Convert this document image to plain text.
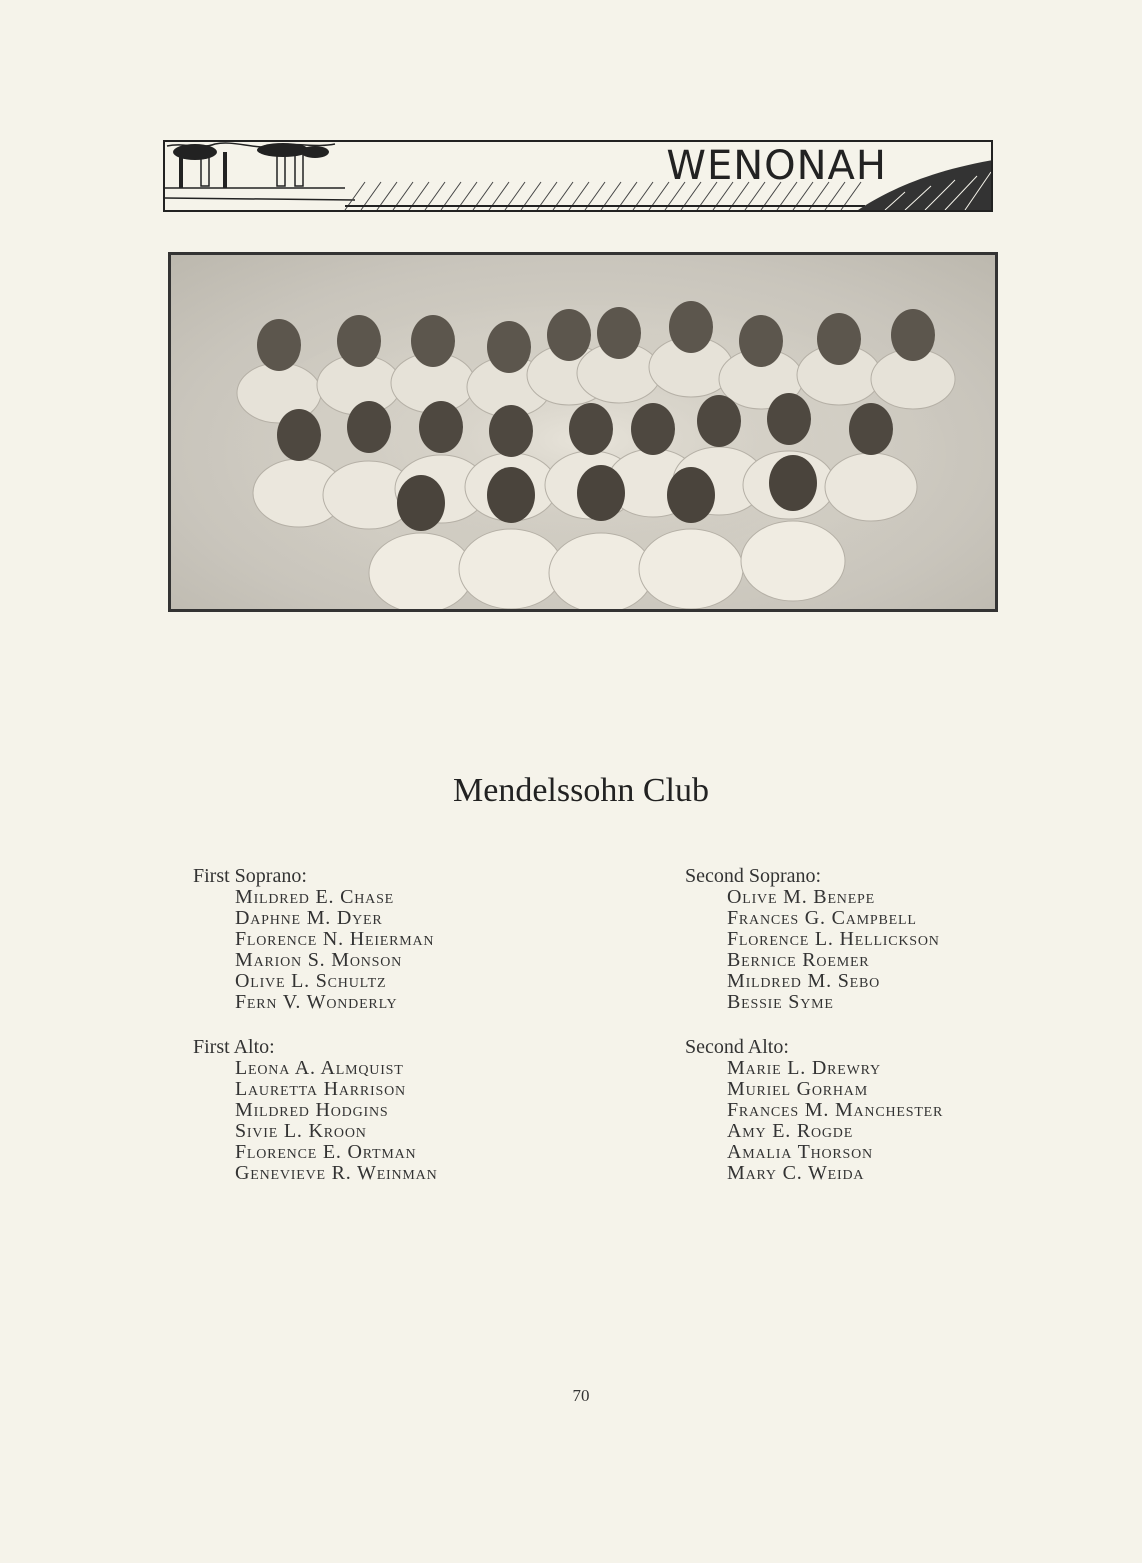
WENONAH
Mendelssohn Club
First Soprano:
Mildred E. Chase
Daphne M. Dyer
Florence N. Heierman
Marion S. Monson
Olive L. Schultz
Fern V. Wonderly
Second Soprano:
Olive M. Benepe
Frances G. Campbell
Florence L. Hellickson
Bernice Roemer
Mildred M. Sebo
Bessie Syme
First Alto:
Leona A. Almquist
Lauretta Harrison
Mildred Hodgins
Sivie L. Kroon
Florence E. Ortman
Genevieve R. Weinman
Second Alto:
Marie L. Drewry
Muriel Gorham
Frances M. Manchester
Amy E. Rogde
Amalia Thorson
Mary C. Weida
70
